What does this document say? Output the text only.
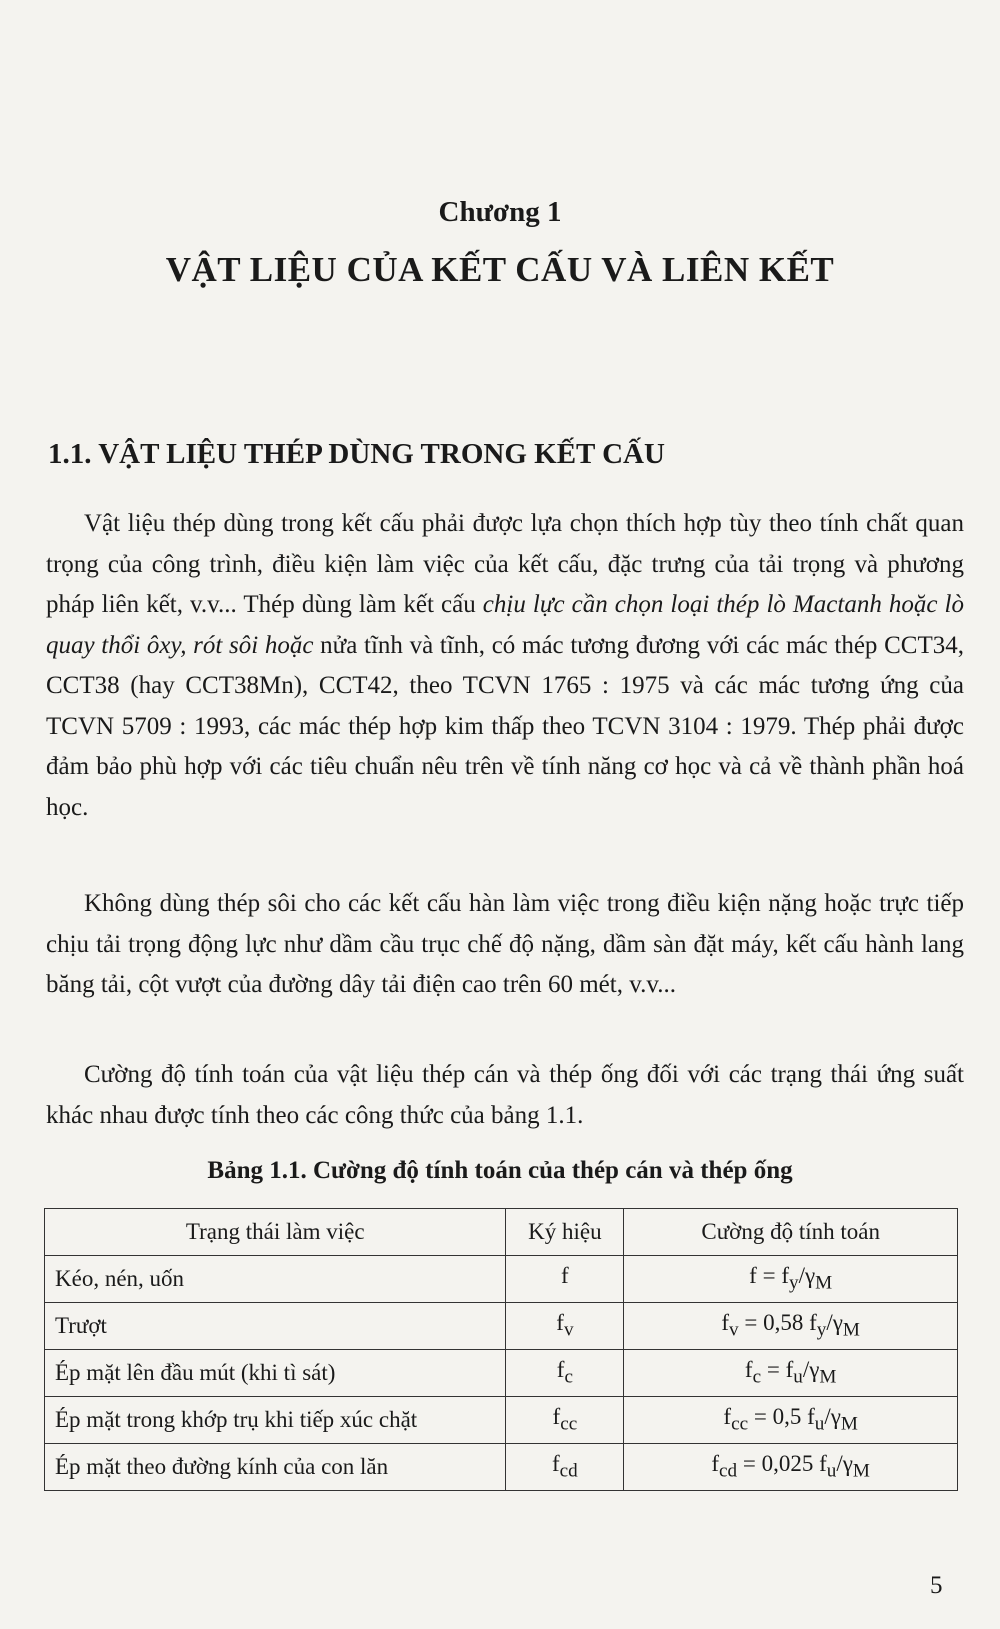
Chương 1
VẬT LIỆU CỦA KẾT CẤU VÀ LIÊN KẾT
1.1. VẬT LIỆU THÉP DÙNG TRONG KẾT CẤU
Vật liệu thép dùng trong kết cấu phải được lựa chọn thích hợp tùy theo tính chất quan trọng của công trình, điều kiện làm việc của kết cấu, đặc trưng của tải trọng và phương pháp liên kết, v.v... Thép dùng làm kết cấu chịu lực cần chọn loại thép lò Mactanh hoặc lò quay thổi ôxy, rót sôi hoặc nửa tĩnh và tĩnh, có mác tương đương với các mác thép CCT34, CCT38 (hay CCT38Mn), CCT42, theo TCVN 1765 : 1975 và các mác tương ứng của TCVN 5709 : 1993, các mác thép hợp kim thấp theo TCVN 3104 : 1979. Thép phải được đảm bảo phù hợp với các tiêu chuẩn nêu trên về tính năng cơ học và cả về thành phần hoá học.
Không dùng thép sôi cho các kết cấu hàn làm việc trong điều kiện nặng hoặc trực tiếp chịu tải trọng động lực như dầm cầu trục chế độ nặng, dầm sàn đặt máy, kết cấu hành lang băng tải, cột vượt của đường dây tải điện cao trên 60 mét, v.v...
Cường độ tính toán của vật liệu thép cán và thép ống đối với các trạng thái ứng suất khác nhau được tính theo các công thức của bảng 1.1.
Bảng 1.1. Cường độ tính toán của thép cán và thép ống
Trạng thái làm việc	Ký hiệu	Cường độ tính toán
Kéo, nén, uốn	f	$f = f_y/\gamma_M$
Trượt	$f_v$	$f_v = 0,58$ $f_y/\gamma_M$
Ép mặt lên đầu mút (khi tì sát)	$f_c$	$f_c = f_u/\gamma_M$
Ép mặt trong khớp trụ khi tiếp xúc chặt	$f_{cc}$	$f_{cc} = 0,5$ $f_u/\gamma_M$
Ép mặt theo đường kính của con lăn	$f_{cd}$	$f_{cd} = 0,025$ $f_u/\gamma_M$
5
